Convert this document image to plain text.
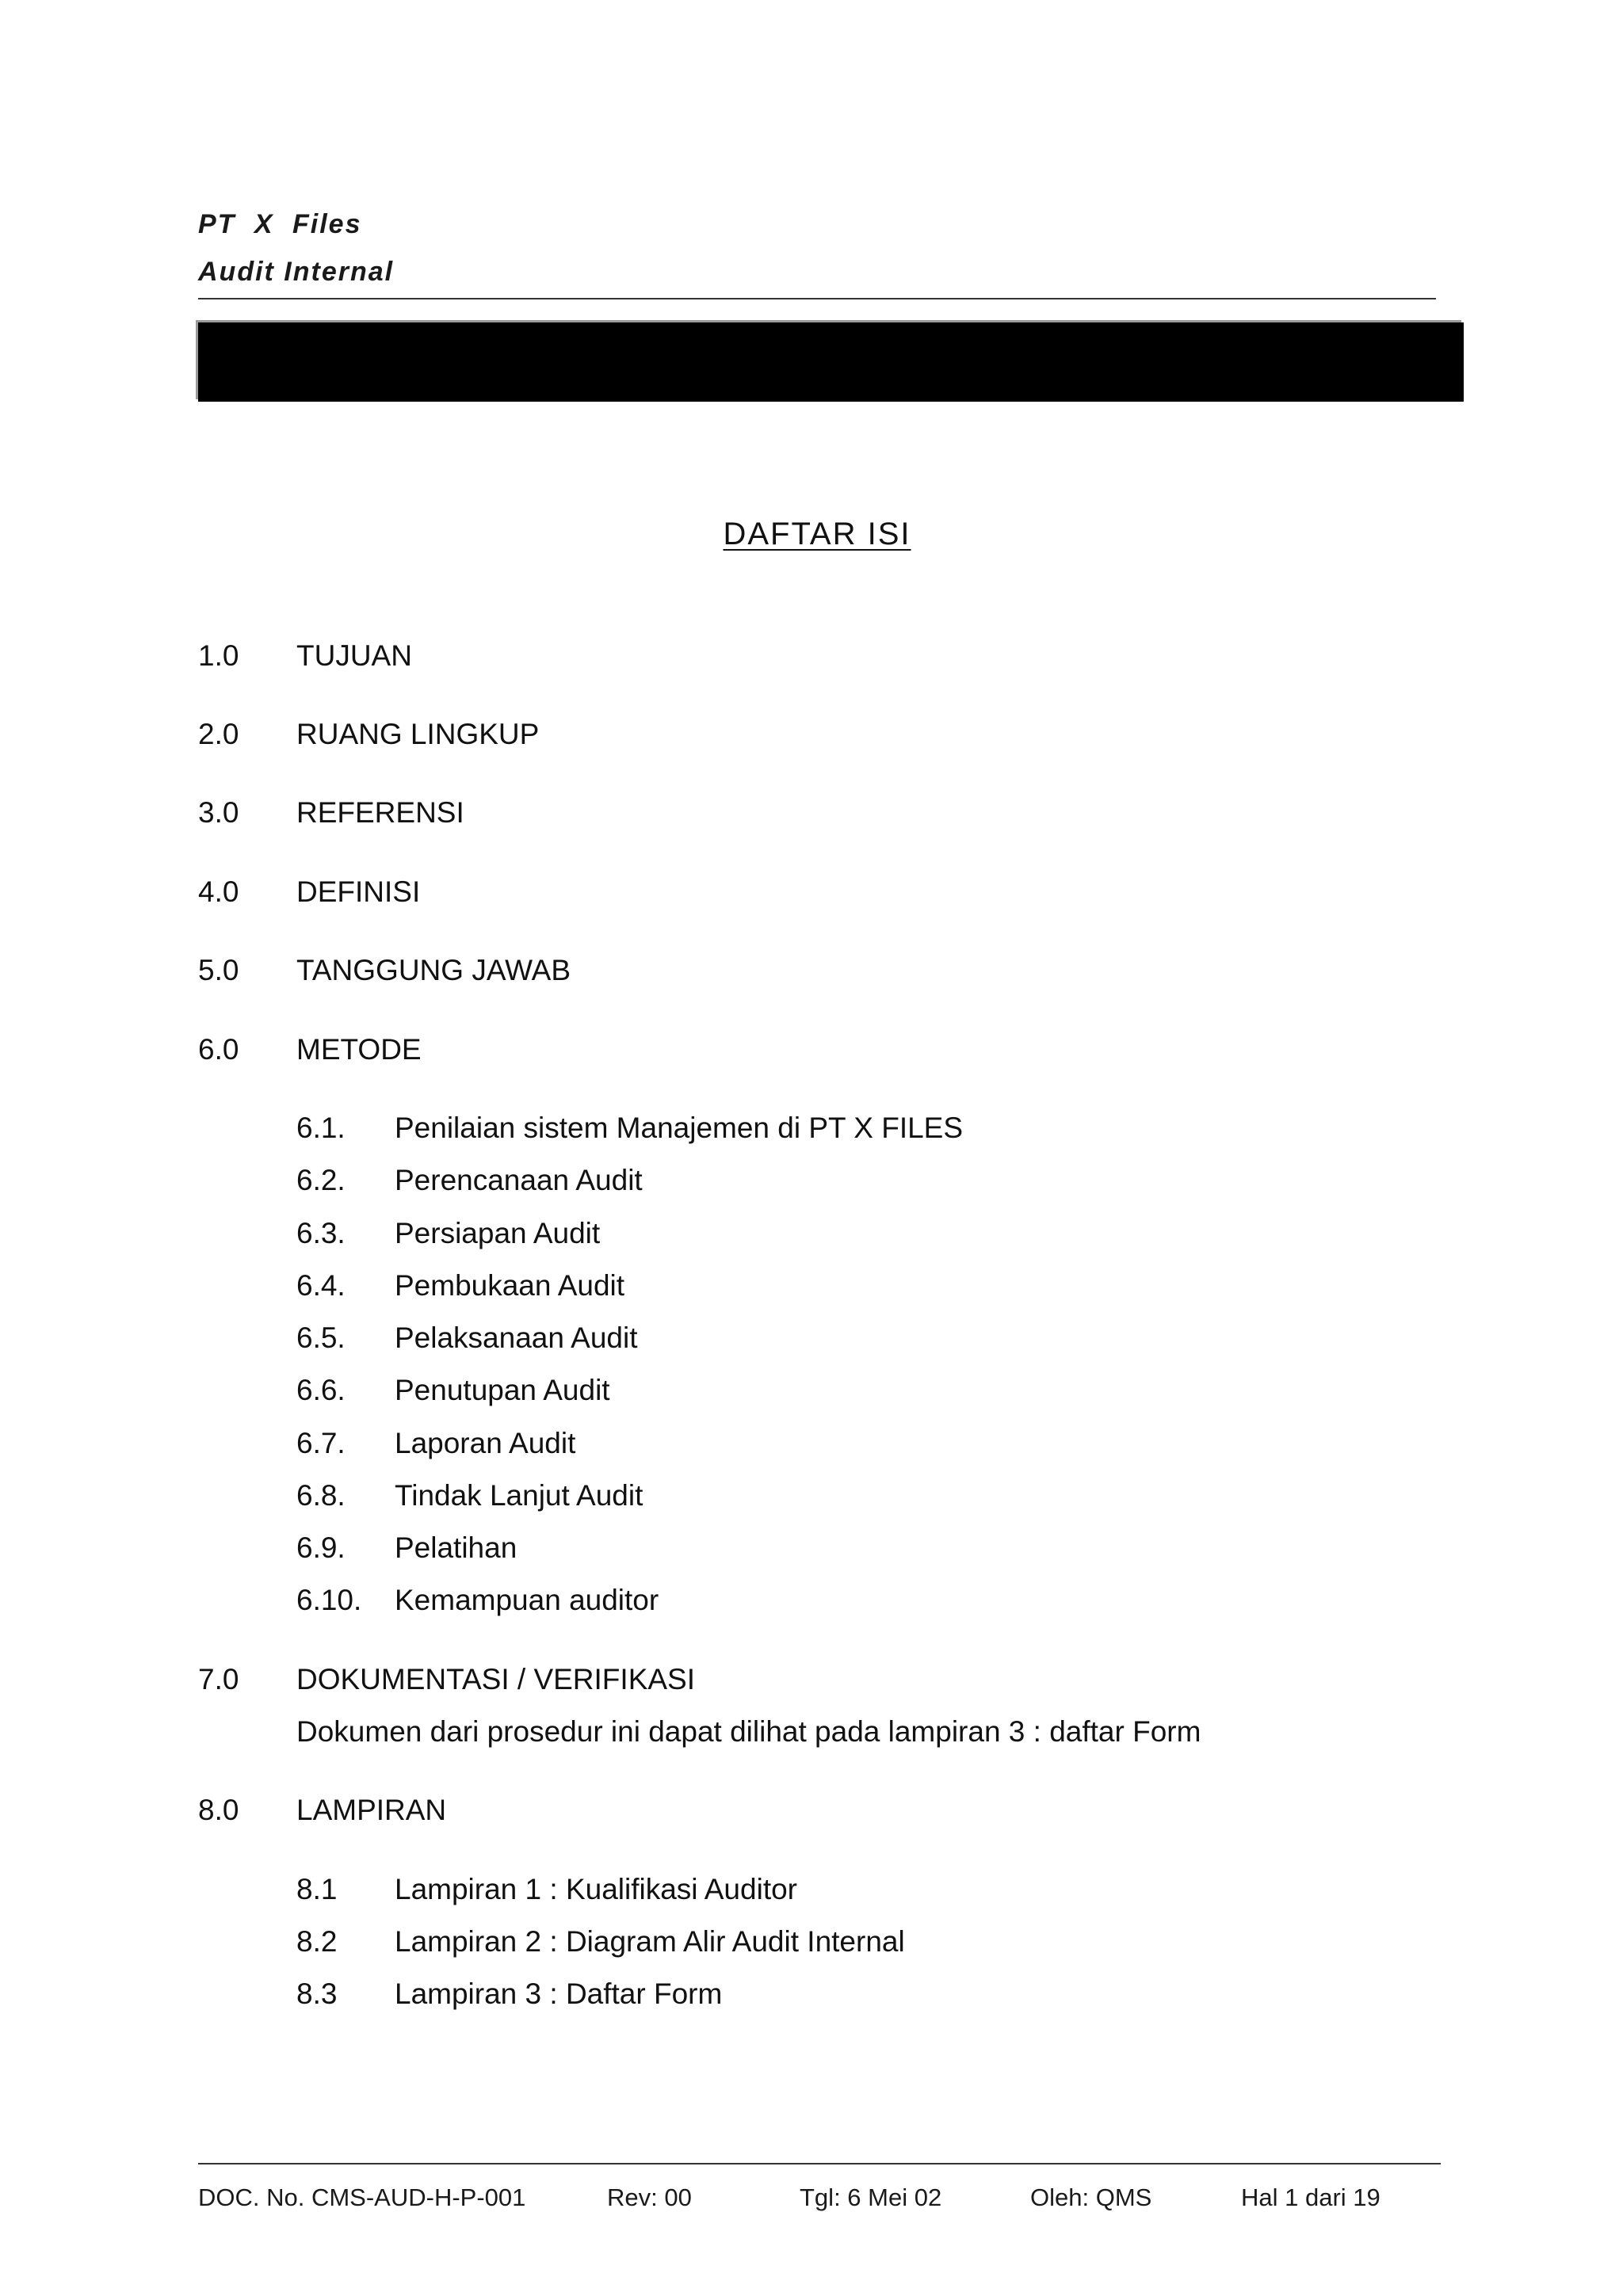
PT X Files
Audit Internal
DAFTAR ISI
1.0 TUJUAN
2.0 RUANG LINGKUP
3.0 REFERENSI
4.0 DEFINISI
5.0 TANGGUNG JAWAB
6.0 METODE
6.1. Penilaian sistem Manajemen di PT X FILES
6.2. Perencanaan Audit
6.3. Persiapan Audit
6.4. Pembukaan Audit
6.5. Pelaksanaan Audit
6.6. Penutupan Audit
6.7. Laporan Audit
6.8. Tindak Lanjut Audit
6.9. Pelatihan
6.10. Kemampuan auditor
7.0 DOKUMENTASI / VERIFIKASI
Dokumen dari prosedur ini dapat dilihat pada lampiran 3 : daftar Form
8.0 LAMPIRAN
8.1 Lampiran 1 : Kualifikasi Auditor
8.2 Lampiran 2 : Diagram Alir Audit Internal
8.3 Lampiran 3 : Daftar Form
DOC. No. CMS-AUD-H-P-001	Rev: 00	Tgl: 6 Mei 02	Oleh: QMS	Hal 1 dari 19
